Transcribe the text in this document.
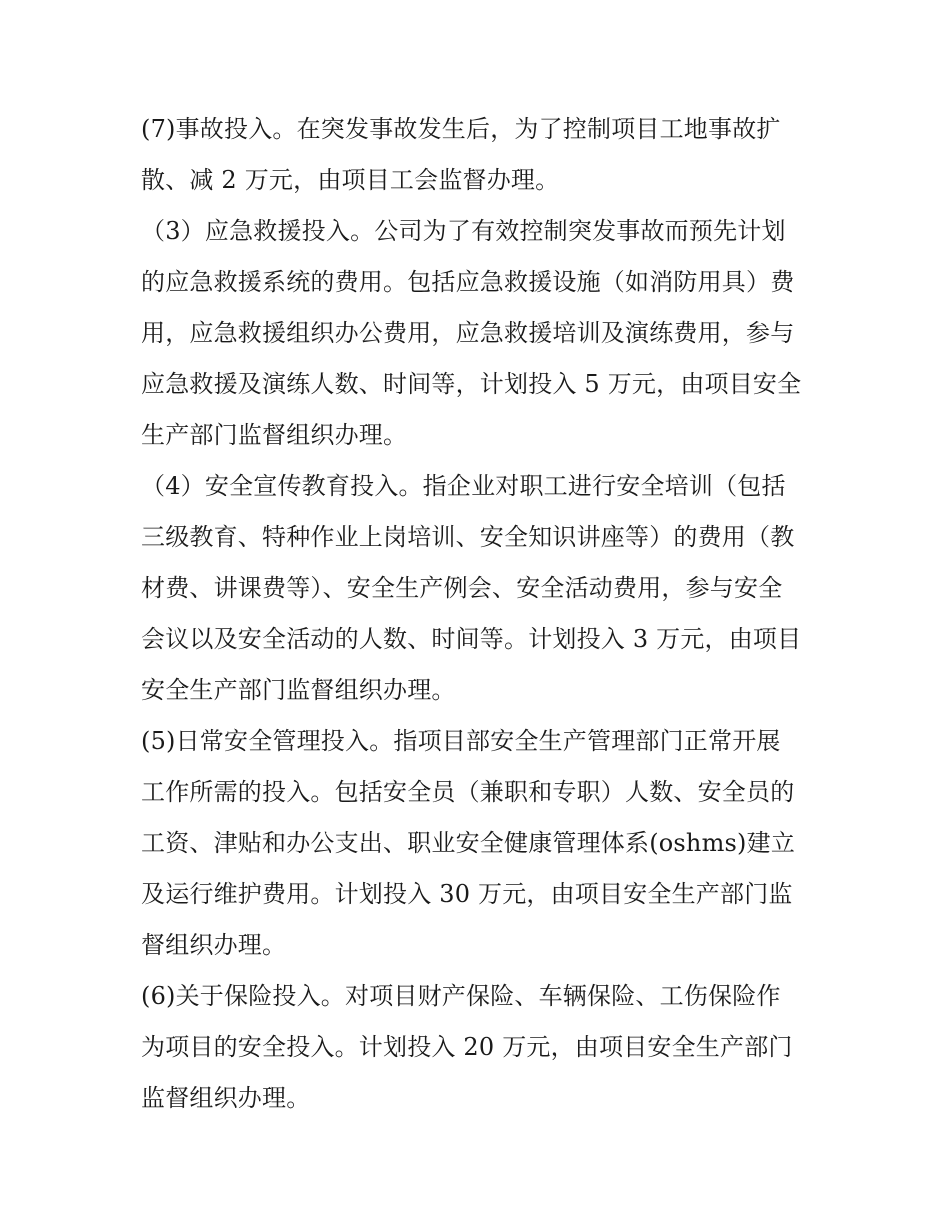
(7)事故投入。在突发事故发生后，为了控制项目工地事故扩
散、减 2 万元，由项目工会监督办理。
（3）应急救援投入。公司为了有效控制突发事故而预先计划
的应急救援系统的费用。包括应急救援设施（如消防用具）费
用，应急救援组织办公费用，应急救援培训及演练费用，参与
应急救援及演练人数、时间等，计划投入 5 万元，由项目安全
生产部门监督组织办理。
（4）安全宣传教育投入。指企业对职工进行安全培训（包括
三级教育、特种作业上岗培训、安全知识讲座等）的费用（教
材费、讲课费等）、安全生产例会、安全活动费用，参与安全
会议以及安全活动的人数、时间等。计划投入 3 万元，由项目
安全生产部门监督组织办理。
(5)日常安全管理投入。指项目部安全生产管理部门正常开展
工作所需的投入。包括安全员（兼职和专职）人数、安全员的
工资、津贴和办公支出、职业安全健康管理体系(oshms)建立
及运行维护费用。计划投入 30 万元，由项目安全生产部门监
督组织办理。
(6)关于保险投入。对项目财产保险、车辆保险、工伤保险作
为项目的安全投入。计划投入 20 万元，由项目安全生产部门
监督组织办理。
